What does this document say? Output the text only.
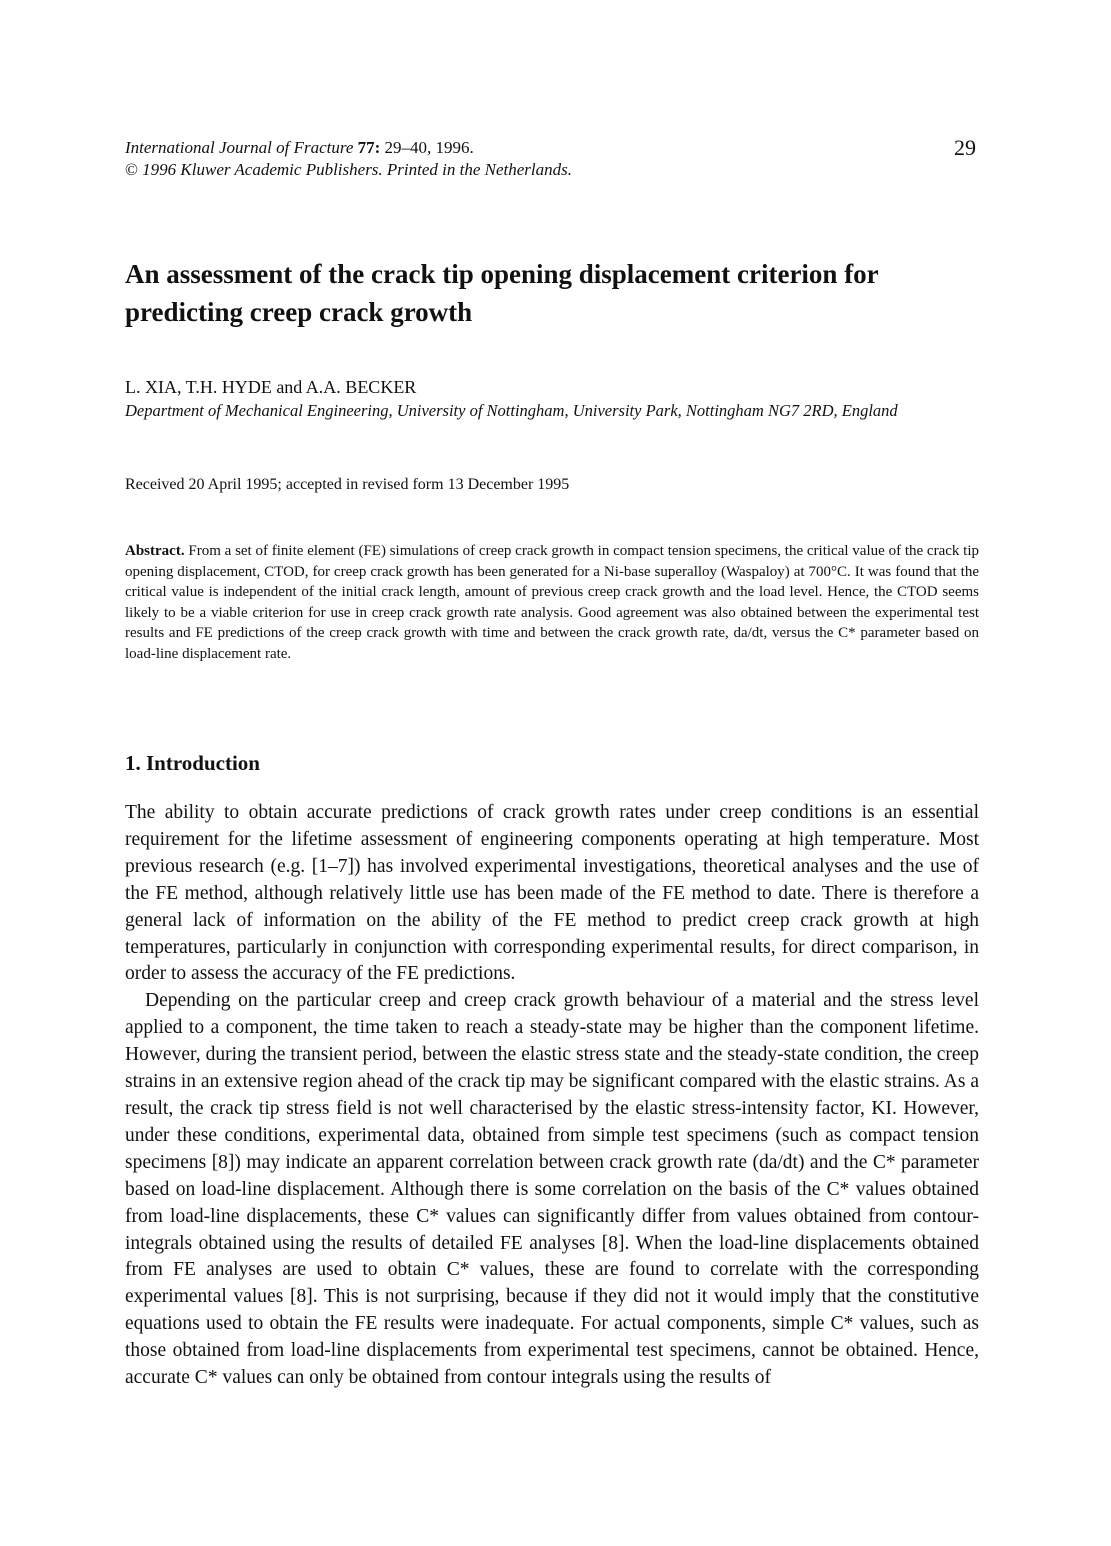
International Journal of Fracture 77: 29–40, 1996.
© 1996 Kluwer Academic Publishers. Printed in the Netherlands.
29
An assessment of the crack tip opening displacement criterion for predicting creep crack growth
L. XIA, T.H. HYDE and A.A. BECKER
Department of Mechanical Engineering, University of Nottingham, University Park, Nottingham NG7 2RD, England
Received 20 April 1995; accepted in revised form 13 December 1995
Abstract. From a set of finite element (FE) simulations of creep crack growth in compact tension specimens, the critical value of the crack tip opening displacement, CTOD, for creep crack growth has been generated for a Ni-base superalloy (Waspaloy) at 700°C. It was found that the critical value is independent of the initial crack length, amount of previous creep crack growth and the load level. Hence, the CTOD seems likely to be a viable criterion for use in creep crack growth rate analysis. Good agreement was also obtained between the experimental test results and FE predictions of the creep crack growth with time and between the crack growth rate, da/dt, versus the C* parameter based on load-line displacement rate.
1. Introduction

The ability to obtain accurate predictions of crack growth rates under creep conditions is an essential requirement for the lifetime assessment of engineering components operating at high temperature. Most previous research (e.g. [1–7]) has involved experimental investigations, theoretical analyses and the use of the FE method, although relatively little use has been made of the FE method to date. There is therefore a general lack of information on the ability of the FE method to predict creep crack growth at high temperatures, particularly in conjunction with corresponding experimental results, for direct comparison, in order to assess the accuracy of the FE predictions.

Depending on the particular creep and creep crack growth behaviour of a material and the stress level applied to a component, the time taken to reach a steady-state may be higher than the component lifetime. However, during the transient period, between the elastic stress state and the steady-state condition, the creep strains in an extensive region ahead of the crack tip may be significant compared with the elastic strains. As a result, the crack tip stress field is not well characterised by the elastic stress-intensity factor, KI. However, under these conditions, experimental data, obtained from simple test specimens (such as compact tension specimens [8]) may indicate an apparent correlation between crack growth rate (da/dt) and the C* parameter based on load-line displacement. Although there is some correlation on the basis of the C* values obtained from load-line displacements, these C* values can significantly differ from values obtained from contour-integrals obtained using the results of detailed FE analyses [8]. When the load-line displacements obtained from FE analyses are used to obtain C* values, these are found to correlate with the corresponding experimental values [8]. This is not surprising, because if they did not it would imply that the constitutive equations used to obtain the FE results were inadequate. For actual components, simple C* values, such as those obtained from load-line displacements from experimental test specimens, cannot be obtained. Hence, accurate C* values can only be obtained from contour integrals using the results of
